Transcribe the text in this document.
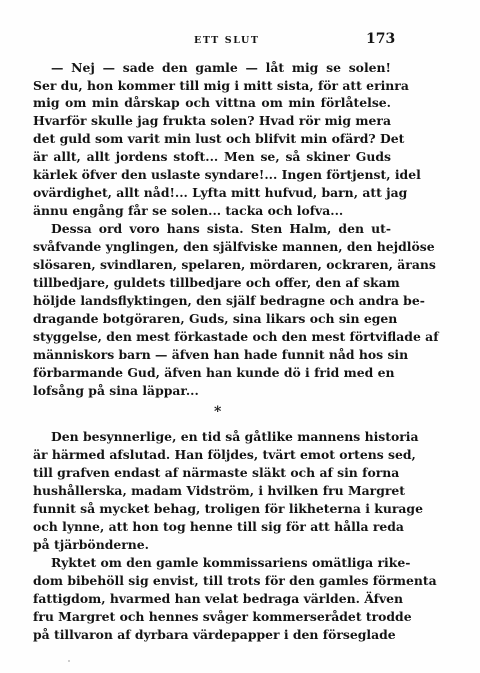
ETT SLUT	173
— Nej — sade den gamle — låt mig se solen!
Ser du, hon kommer till mig i mitt sista, för att erinra
mig om min dårskap och vittna om min förlåtelse.
Hvarför skulle jag frukta solen? Hvad rör mig mera
det guld som varit min lust och blifvit min ofärd? Det
är allt, allt jordens stoft... Men se, så skiner Guds
kärlek öfver den uslaste syndare!... Ingen förtjenst, idel
ovärdighet, allt nåd!... Lyfta mitt hufvud, barn, att jag
ännu engång får se solen... tacka och lofva...
Dessa ord voro hans sista. Sten Halm, den ut-
svåfvande ynglingen, den själfviske mannen, den hejdlöse
slösaren, svindlaren, spelaren, mördaren, ockraren, ärans
tillbedjare, guldets tillbedjare och offer, den af skam
höljde landsflyktingen, den själf bedragne och andra be-
dragande botgöraren, Guds, sina likars och sin egen
styggelse, den mest förkastade och den mest förtviflade af
människors barn — äfven han hade funnit nåd hos sin
förbarmande Gud, äfven han kunde dö i frid med en
lofsång på sina läppar...
*
Den besynnerlige, en tid så gåtlike mannens historia
är härmed afslutad. Han följdes, tvärt emot ortens sed,
till grafven endast af närmaste släkt och af sin forna
hushållerska, madam Vidström, i hvilken fru Margret
funnit så mycket behag, troligen för likheterna i kurage
och lynne, att hon tog henne till sig för att hålla reda
på tjärbönderne.
Ryktet om den gamle kommissariens omätliga rike-
dom bibehöll sig envist, till trots för den gamles förmenta
fattigdom, hvarmed han velat bedraga världen. Äfven
fru Margret och hennes svåger kommerserådet trodde
på tillvaron af dyrbara värdepapper i den förseglade
